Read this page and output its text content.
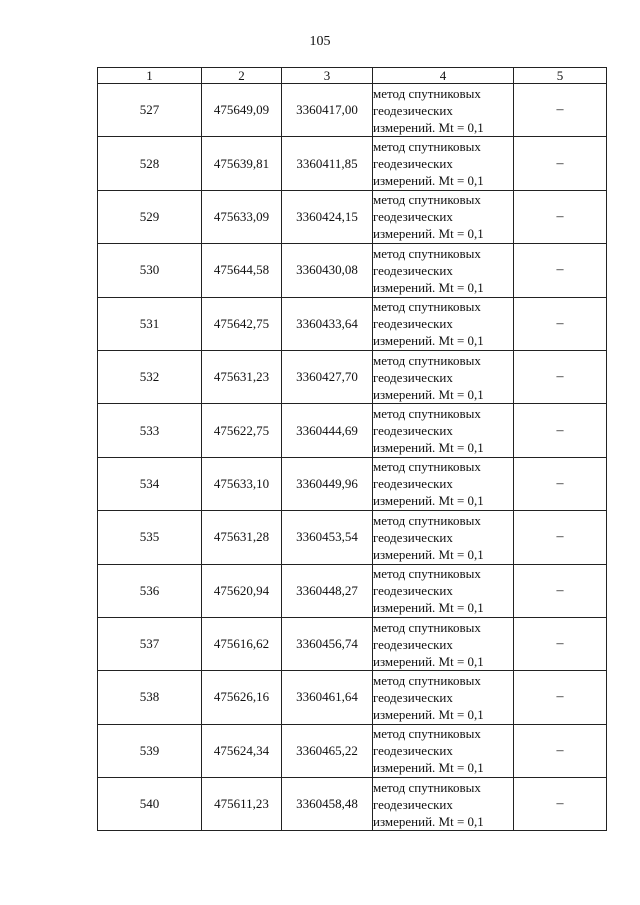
105
1	2	3	4	5
527	475649,09	3360417,00	метод спутниковых
геодезических
измерений. Mt = 0,1	–
528	475639,81	3360411,85	метод спутниковых
геодезических
измерений. Mt = 0,1	–
529	475633,09	3360424,15	метод спутниковых
геодезических
измерений. Mt = 0,1	–
530	475644,58	3360430,08	метод спутниковых
геодезических
измерений. Mt = 0,1	–
531	475642,75	3360433,64	метод спутниковых
геодезических
измерений. Mt = 0,1	–
532	475631,23	3360427,70	метод спутниковых
геодезических
измерений. Mt = 0,1	–
533	475622,75	3360444,69	метод спутниковых
геодезических
измерений. Mt = 0,1	–
534	475633,10	3360449,96	метод спутниковых
геодезических
измерений. Mt = 0,1	–
535	475631,28	3360453,54	метод спутниковых
геодезических
измерений. Mt = 0,1	–
536	475620,94	3360448,27	метод спутниковых
геодезических
измерений. Mt = 0,1	–
537	475616,62	3360456,74	метод спутниковых
геодезических
измерений. Mt = 0,1	–
538	475626,16	3360461,64	метод спутниковых
геодезических
измерений. Mt = 0,1	–
539	475624,34	3360465,22	метод спутниковых
геодезических
измерений. Mt = 0,1	–
540	475611,23	3360458,48	метод спутниковых
геодезических
измерений. Mt = 0,1	–
